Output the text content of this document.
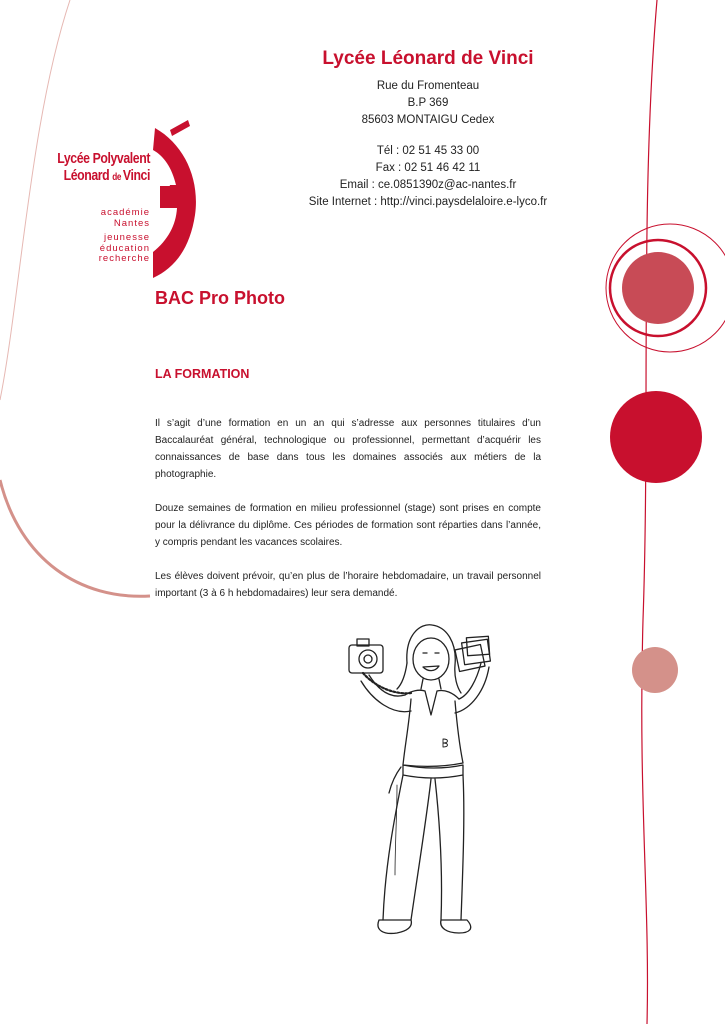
Lycée Polyvalent
Léonard de Vinci
académie
Nantes
jeunesse
éducation
recherche
Lycée Léonard de Vinci
Rue du Fromenteau
B.P 369
85603 MONTAIGU Cedex
Tél : 02 51 45 33 00
Fax : 02 51 46 42 11
Email : ce.0851390z@ac-nantes.fr
Site Internet : http://vinci.paysdelaloire.e-lyco.fr
BAC Pro Photo
LA FORMATION

Il s’agit d’une formation en un an qui s’adresse aux personnes titulaires d’un Baccalauréat général, technologique ou professionnel, permettant d’acquérir les connaissances de base dans tous les domaines associés aux métiers de la photographie.

Douze semaines de formation en milieu professionnel (stage) sont prises en compte pour la délivrance du diplôme. Ces périodes de formation sont réparties dans l’année, y compris pendant les vacances scolaires.

Les élèves doivent prévoir, qu’en plus de l’horaire hebdomadaire, un travail personnel important (3 à 6 h hebdomadaires) leur sera demandé.
